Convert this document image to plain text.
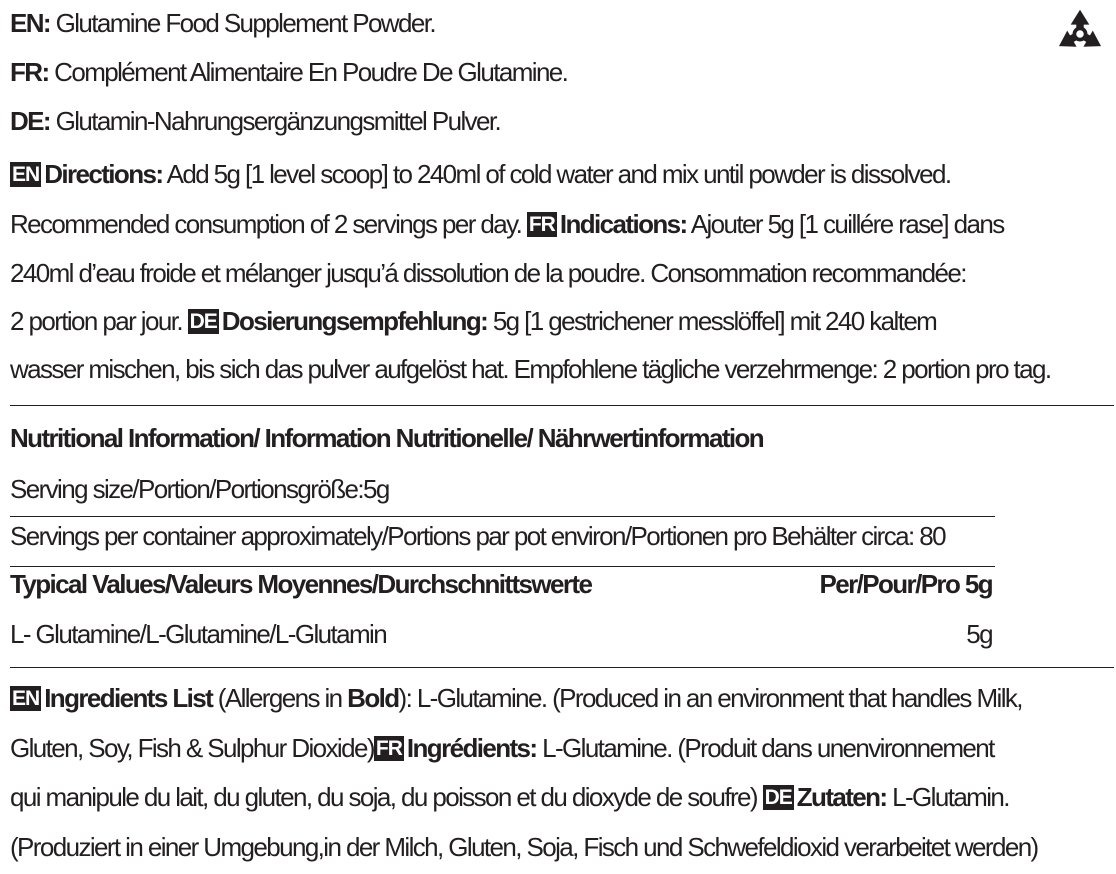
EN: Glutamine Food Supplement Powder.
FR: Complément Alimentaire En Poudre De Glutamine.
DE: Glutamin-Nahrungsergänzungsmittel Pulver.
EN Directions: Add 5g [1 level scoop] to 240ml of cold water and mix until powder is dissolved.
Recommended consumption of 2 servings per day. FR Indications: Ajouter 5g [1 cuillére rase] dans
240ml d’eau froide et mélanger jusqu’á dissolution de la poudre. Consommation recommandée:
2 portion par jour. DE Dosierungsempfehlung: 5g [1 gestrichener messlöffel] mit 240 kaltem
wasser mischen, bis sich das pulver aufgelöst hat. Empfohlene tägliche verzehrmenge: 2 portion pro tag.
Nutritional Information/ Information Nutritionelle/ Nährwertinformation
Serving size/Portion/Portionsgröße:5g
Servings per container approximately/Portions par pot environ/Portionen pro Behälter circa: 80
Typical Values/Valeurs Moyennes/Durchschnittswerte	Per/Pour/Pro 5g
L- Glutamine/L-Glutamine/L-Glutamin	5g
EN Ingredients List (Allergens in Bold): L-Glutamine. (Produced in an environment that handles Milk,
Gluten, Soy, Fish & Sulphur Dioxide)FR Ingrédients: L-Glutamine. (Produit dans unenvironnement
qui manipule du lait, du gluten, du soja, du poisson et du dioxyde de soufre) DE Zutaten: L-Glutamin.
(Produziert in einer Umgebung,in der Milch, Gluten, Soja, Fisch und Schwefeldioxid verarbeitet werden)
